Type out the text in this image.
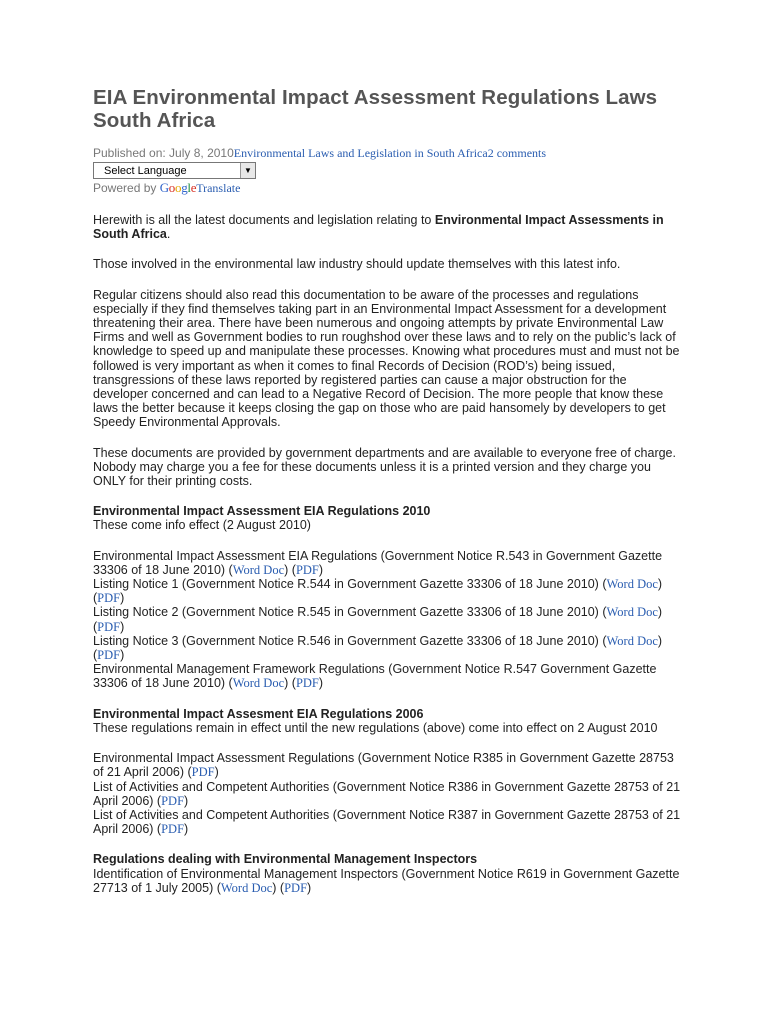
EIA Environmental Impact Assessment Regulations Laws South Africa
Published on: July 8, 2010Environmental Laws and Legislation in South Africa2 comments
Select Language	▼
Powered by GoogleTranslate

Herewith is all the latest documents and legislation relating to Environmental Impact Assessments in South Africa.

Those involved in the environmental law industry should update themselves with this latest info.

Regular citizens should also read this documentation to be aware of the processes and regulations especially if they find themselves taking part in an Environmental Impact Assessment for a development threatening their area. There have been numerous and ongoing attempts by private Environmental Law Firms and well as Government bodies to run roughshod over these laws and to rely on the public’s lack of knowledge to speed up and manipulate these processes. Knowing what procedures must and must not be followed is very important as when it comes to final Records of Decision (ROD’s) being issued, transgressions of these laws reported by registered parties can cause a major obstruction for the developer concerned and can lead to a Negative Record of Decision. The more people that know these laws the better because it keeps closing the gap on those who are paid hansomely by developers to get Speedy Environmental Approvals.

These documents are provided by government departments and are available to everyone free of charge.
Nobody may charge you a fee for these documents unless it is a printed version and they charge you ONLY for their printing costs.

Environmental Impact Assessment EIA Regulations 2010
These come info effect (2 August 2010)
Environmental Impact Assessment EIA Regulations (Government Notice R.543 in Government Gazette 33306 of 18 June 2010) (Word Doc) (PDF)
Listing Notice 1 (Government Notice R.544 in Government Gazette 33306 of 18 June 2010) (Word Doc) (PDF)
Listing Notice 2 (Government Notice R.545 in Government Gazette 33306 of 18 June 2010) (Word Doc) (PDF)
Listing Notice 3 (Government Notice R.546 in Government Gazette 33306 of 18 June 2010) (Word Doc) (PDF)
Environmental Management Framework Regulations (Government Notice R.547 Government Gazette 33306 of 18 June 2010) (Word Doc) (PDF)
Environmental Impact Assesment EIA Regulations 2006
These regulations remain in effect until the new regulations (above) come into effect on 2 August 2010
Environmental Impact Assessment Regulations (Government Notice R385 in Government Gazette 28753 of 21 April 2006) (PDF)
List of Activities and Competent Authorities (Government Notice R386 in Government Gazette 28753 of 21 April 2006) (PDF)
List of Activities and Competent Authorities (Government Notice R387 in Government Gazette 28753 of 21 April 2006) (PDF)
Regulations dealing with Environmental Management Inspectors
Identification of Environmental Management Inspectors (Government Notice R619 in Government Gazette 27713 of 1 July 2005) (Word Doc) (PDF)
